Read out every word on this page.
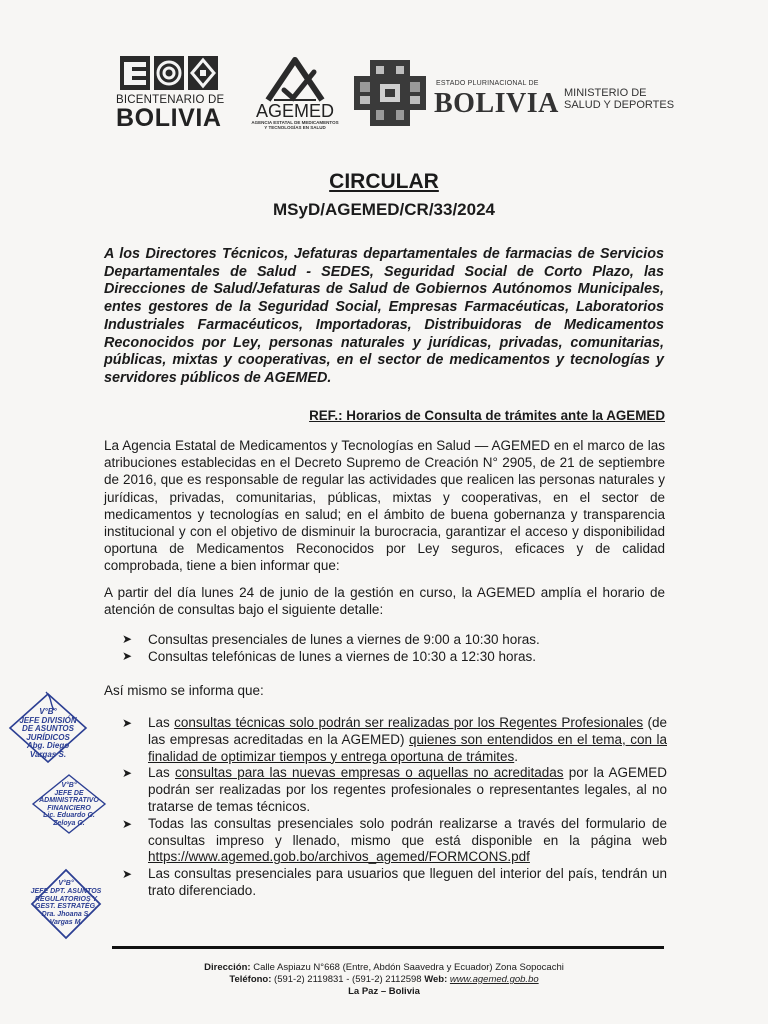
BICENTENARIO DE
BOLIVIA	AGEMED
AGENCIA ESTATAL DE MEDICAMENTOS Y TECNOLOGÍAS EN SALUD
ESTADO PLURINACIONAL DE
BOLIVIA MINISTERIO DE
SALUD Y DEPORTES
CIRCULAR
MSyD/AGEMED/CR/33/2024
A los Directores Técnicos, Jefaturas departamentales de farmacias de Servicios Departamentales de Salud - SEDES, Seguridad Social de Corto Plazo, las Direcciones de Salud/Jefaturas de Salud de Gobiernos Autónomos Municipales, entes gestores de la Seguridad Social, Empresas Farmacéuticas, Laboratorios Industriales Farmacéuticos, Importadoras, Distribuidoras de Medicamentos Reconocidos por Ley, personas naturales y jurídicas, privadas, comunitarias, públicas, mixtas y cooperativas, en el sector de medicamentos y tecnologías y servidores públicos de AGEMED.
REF.: Horarios de Consulta de trámites ante la AGEMED
La Agencia Estatal de Medicamentos y Tecnologías en Salud — AGEMED en el marco de las atribuciones establecidas en el Decreto Supremo de Creación N° 2905, de 21 de septiembre de 2016, que es responsable de regular las actividades que realicen las personas naturales y jurídicas, privadas, comunitarias, públicas, mixtas y cooperativas, en el sector de medicamentos y tecnologías en salud; en el ámbito de buena gobernanza y transparencia institucional y con el objetivo de disminuir la burocracia, garantizar el acceso y disponibilidad oportuna de Medicamentos Reconocidos por Ley seguros, eficaces y de calidad comprobada, tiene a bien informar que:
A partir del día lunes 24 de junio de la gestión en curso, la AGEMED amplía el horario de atención de consultas bajo el siguiente detalle:
➤ Consultas presenciales de lunes a viernes de 9:00 a 10:30 horas.
➤ Consultas telefónicas de lunes a viernes de 10:30 a 12:30 horas.
Así mismo se informa que:
➤ Las consultas técnicas solo podrán ser realizadas por los Regentes Profesionales (de las empresas acreditadas en la AGEMED) quienes son entendidos en el tema, con la finalidad de optimizar tiempos y entrega oportuna de trámites.
➤ Las consultas para las nuevas empresas o aquellas no acreditadas por la AGEMED podrán ser realizadas por los regentes profesionales o representantes legales, al no tratarse de temas técnicos.
➤ Todas las consultas presenciales solo podrán realizarse a través del formulario de consultas impreso y llenado, mismo que está disponible en la página web https://www.agemed.gob.bo/archivos_agemed/FORMCONS.pdf
➤ Las consultas presenciales para usuarios que lleguen del interior del país, tendrán un trato diferenciado.
V°B°
JEFE DIVISIÓN
DE ASUNTOS
JURÍDICOS
Abg. Diego
Vargas S.
V°B°
JEFE DE
ADMINISTRATIVO
FINANCIERO
Lic. Eduardo G.
Zeloya G.
V°B°
JEFE DPT. ASUNTOS
REGULATORIOS Y
GEST. ESTRATÉG.
Dra. Jhoana S.
Vargas M.
Dirección: Calle Aspiazu N°668 (Entre, Abdón Saavedra y Ecuador) Zona Sopocachi
Teléfono: (591-2) 2119831 - (591-2) 2112598 Web: www.agemed.gob.bo
La Paz – Bolivia
